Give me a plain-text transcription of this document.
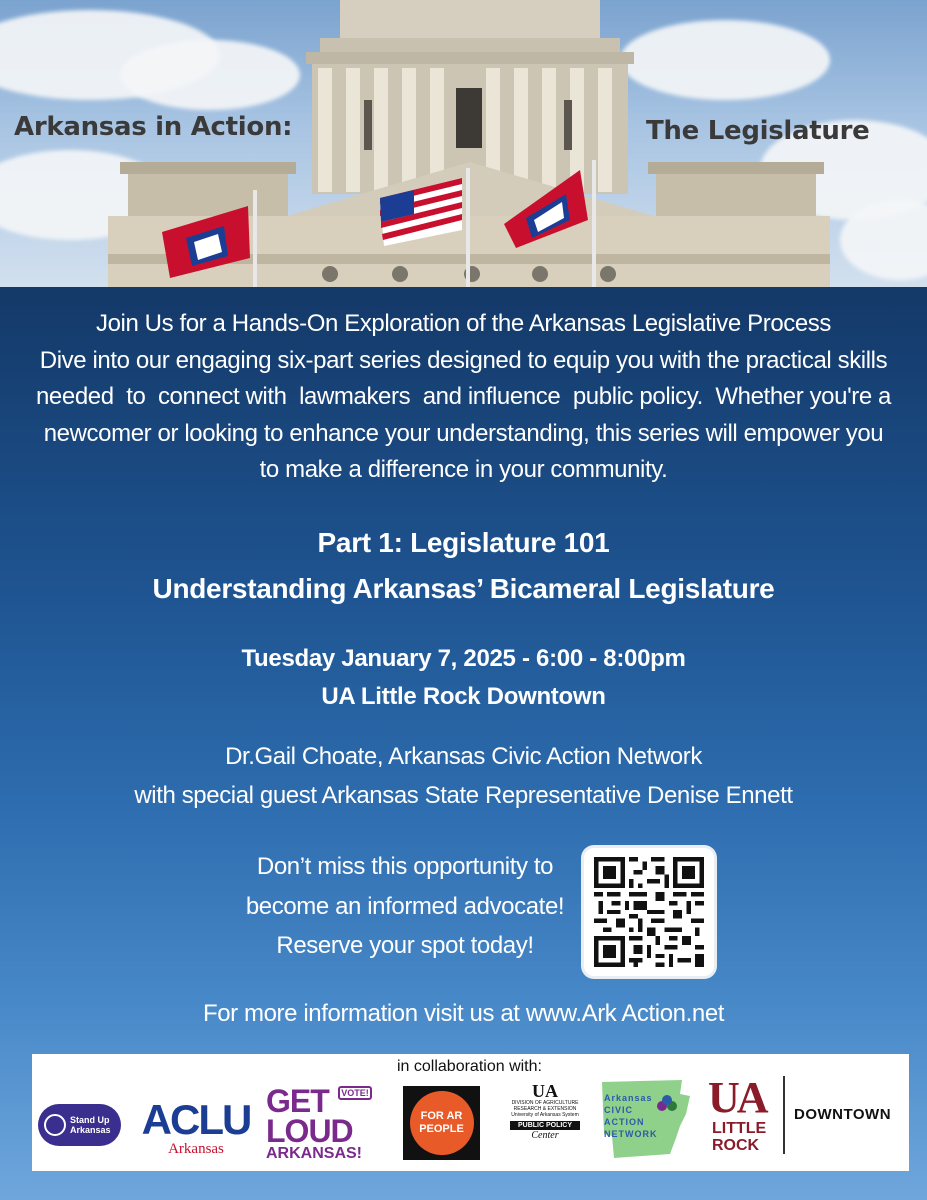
Arkansas in Action:	The Legislature

Join Us for a Hands-On Exploration of the Arkansas Legislative Process

Dive into our engaging six-part series designed to equip you with the practical skills

needed  to  connect with  lawmakers  and influence  public policy.  Whether you're a

newcomer or looking to enhance your understanding, this series will empower you

to make a difference in your community.

Part 1: Legislature 101
Understanding Arkansas’ Bicameral Legislature
Tuesday January 7, 2025 - 6:00 - 8:00pm
UA Little Rock Downtown
Dr.Gail Choate, Arkansas Civic Action Network
with special guest Arkansas State Representative Denise Ennett
Don’t miss this opportunity to
become an informed advocate!
Reserve your spot today!
For more information visit us at www.Ark Action.net
in collaboration with:
Stand Up Arkansas ACLU
Arkansas
VOTE!
GET
LOUD
ARKANSAS!
FOR AR PEOPLE
UA
DIVISION OF AGRICULTURE RESEARCH & EXTENSION University of Arkansas System
PUBLIC POLICY
Center
Arkansas CIVIC ACTION NETWORK
UA
LITTLE
ROCK
DOWNTOWN
